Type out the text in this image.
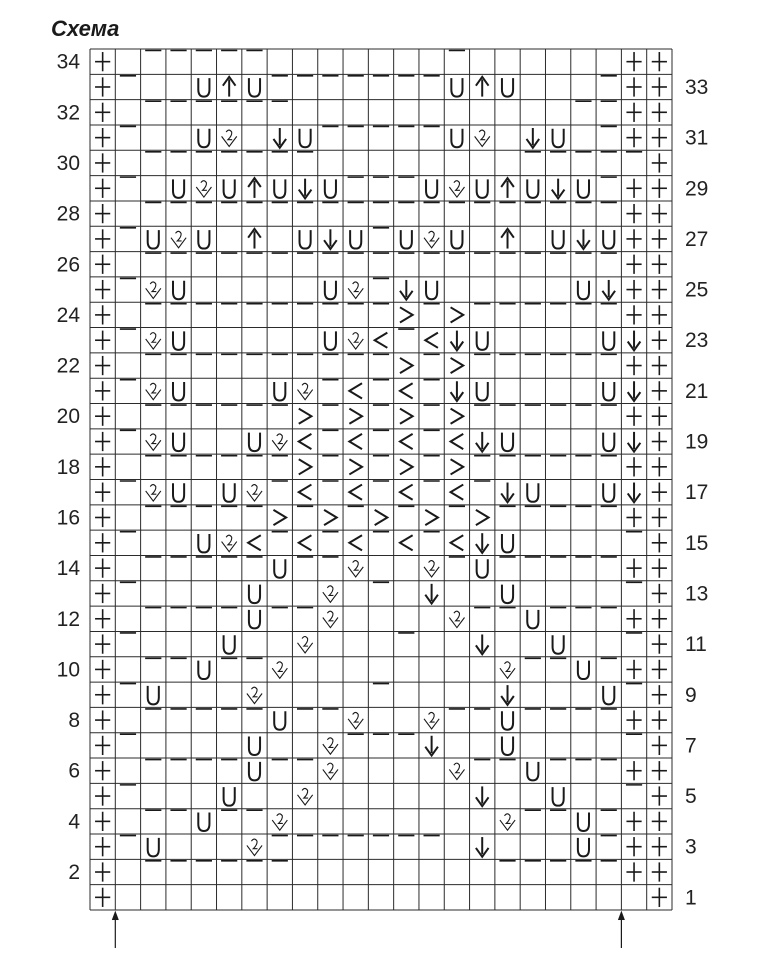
Схема
34
33
32
31
30
29
28
27
26
25
24
23
22
21
20
19
18
17
16
15
14
13
12
11
10
9
8
7
6
5
4
3
2
1
